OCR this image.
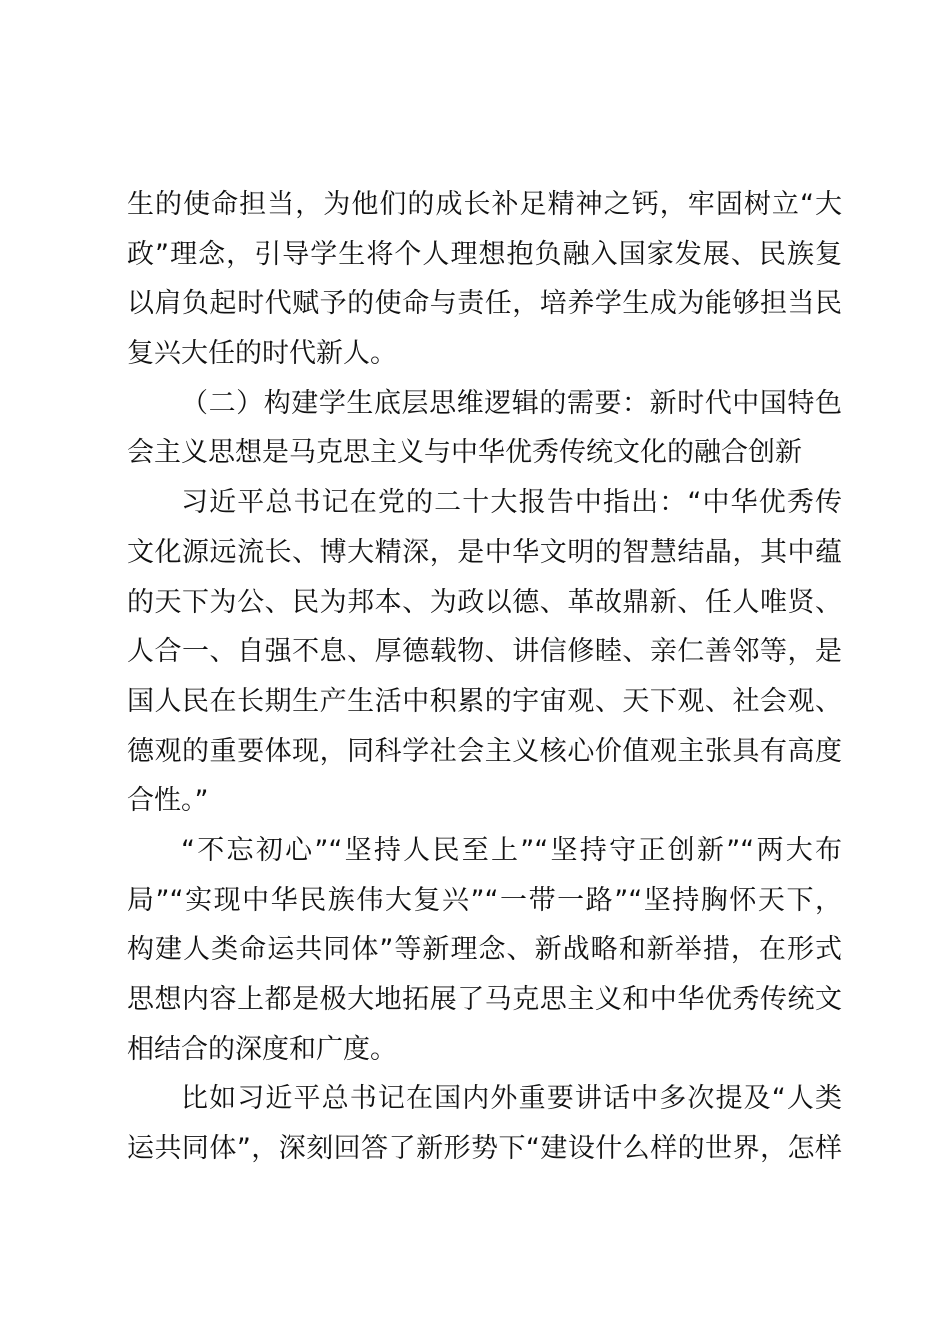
生的使命担当，为他们的成长补足精神之钙，牢固树立“大
政”理念，引导学生将个人理想抱负融入国家发展、民族复
以肩负起时代赋予的使命与责任，培养学生成为能够担当民
复兴大任的时代新人。
（二）构建学生底层思维逻辑的需要：新时代中国特色
会主义思想是马克思主义与中华优秀传统文化的融合创新
习近平总书记在党的二十大报告中指出：“中华优秀传
文化源远流长、博大精深，是中华文明的智慧结晶，其中蕴
的天下为公、民为邦本、为政以德、革故鼎新、任人唯贤、
人合一、自强不息、厚德载物、讲信修睦、亲仁善邻等，是
国人民在长期生产生活中积累的宇宙观、天下观、社会观、
德观的重要体现，同科学社会主义核心价值观主张具有高度
合性。”
“不忘初心”“坚持人民至上”“坚持守正创新”“两大布
局”“实现中华民族伟大复兴”“一带一路”“坚持胸怀天下，
构建人类命运共同体”等新理念、新战略和新举措，在形式
思想内容上都是极大地拓展了马克思主义和中华优秀传统文
相结合的深度和广度。
比如习近平总书记在国内外重要讲话中多次提及“人类
运共同体”，深刻回答了新形势下“建设什么样的世界，怎样
